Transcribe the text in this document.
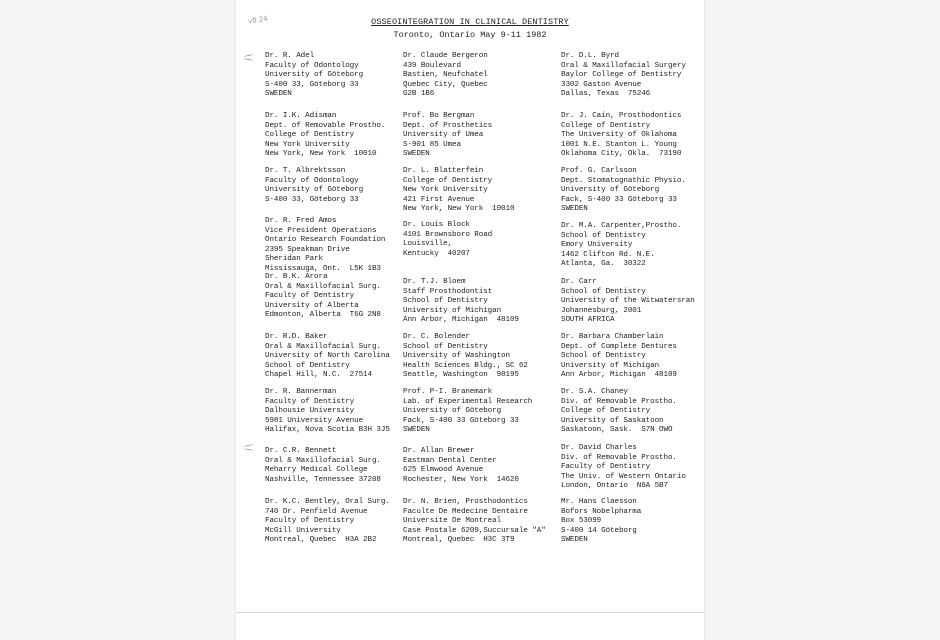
v8 24	OSSEOINTEGRATION IN CLINICAL DENTISTRY
Toronto, Ontario May 9-11 1982
Dr. R. Adel
Faculty of Odontology
University of Göteborg
S-400 33, Göteborg 33
SWEDEN
Dr. Claude Bergeron
439 Boulevard
Bastien, Neufchatel
Quebec City, Quebec
G2B 1B6
Dr. D.L. Byrd
Oral & Maxillofacial Surgery
Baylor College of Dentistry
3302 Gaston Avenue
Dallas, Texas  75246
Dr. I.K. Adisman
Dept. of Removable Prostho.
College of Dentistry
New York University
New York, New York  10010
Prof. Bo Bergman
Dept. of Prosthetics
University of Umea
S-901 85 Umea
SWEDEN
Dr. J. Cain, Prosthodontics
College of Dentistry
The University of Oklahoma
1001 N.E. Stanton L. Young
Oklahoma City, Okla.  73190
Dr. T. Albrektsson
Faculty of Odontology
University of Göteborg
S-400 33, Göteborg 33
Dr. L. Blatterfein
College of Dentistry
New York University
421 First Avenue
New York, New York  10010
Prof. G. Carlsson
Dept. Stomatognathic Physio.
University of Göteborg
Fack, S-400 33 Göteborg 33
SWEDEN
Dr. R. Fred Amos
Vice President Operations
Ontario Research Foundation
2395 Speakman Drive
Sheridan Park
Mississauga, Ont.  L5K 1B3
Dr. Louis Block
4101 Brownsboro Road
Louisville,
Kentucky  40207
Dr. M.A. Carpenter,Prostho.
School of Dentistry
Emory University
1462 Clifton Rd. N.E.
Atlanta, Ga.  30322
Dr. B.K. Arora
Oral & Maxillofacial Surg.
Faculty of Dentistry
University of Alberta
Edmonton, Alberta  T6G 2N8
Dr. T.J. Bloem
Staff Prosthodontist
School of Dentistry
University of Michigan
Ann Arbor, Michigan  48109
Dr. Carr
School of Dentistry
University of the Witwatersran
Johannesburg, 2001
SOUTH AFRICA
Dr. R.D. Baker
Oral & Maxillofacial Surg.
University of North Carolina
School of Dentistry
Chapel Hill, N.C.  27514
Dr. C. Bolender
School of Dentistry
University of Washington
Health Sciences Bldg., SC 62
Seattle, Washington  98195
Dr. Barbara Chamberlain
Dept. of Complete Dentures
School of Dentistry
University of Michigan
Ann Arbor, Michigan  48109
Dr. R. Bannerman
Faculty of Dentistry
Dalhousie University
5981 University Avenue
Halifax, Nova Scotia B3H 3J5
Prof. P-I. Branemark
Lab. of Experimental Research
University of Göteborg
Fack, S-400 33 Göteborg 33
SWEDEN
Dr. S.A. Chaney
Div. of Removable Prostho.
College of Dentistry
University of Saskatoon
Saskatoon, Sask.  S7N OWO
Dr. C.R. Bennett
Oral & Maxillofacial Surg.
Meharry Medical College
Nashville, Tennessee 37208
Dr. Allan Brewer
Eastman Dental Center
625 Elmwood Avenue
Rochester, New York  14620
Dr. David Charles
Div. of Removable Prostho.
Faculty of Dentistry
The Univ. of Western Ontario
London, Ontario  N6A 5B7
Dr. K.C. Bentley, Oral Surg.
740 Dr. Penfield Avenue
Faculty of Dentistry
McGill University
Montreal, Quebec  H3A 2B2
Dr. N. Brien, Prosthodontics
Faculte De Medecine Dentaire
Universite De Montreal
Case Postale 6209,Succursale "A"
Montreal, Quebec  H3C 3T9
Mr. Hans Claesson
Bofors Nobelpharma
Box 53099
S-400 14 Göteborg
SWEDEN
